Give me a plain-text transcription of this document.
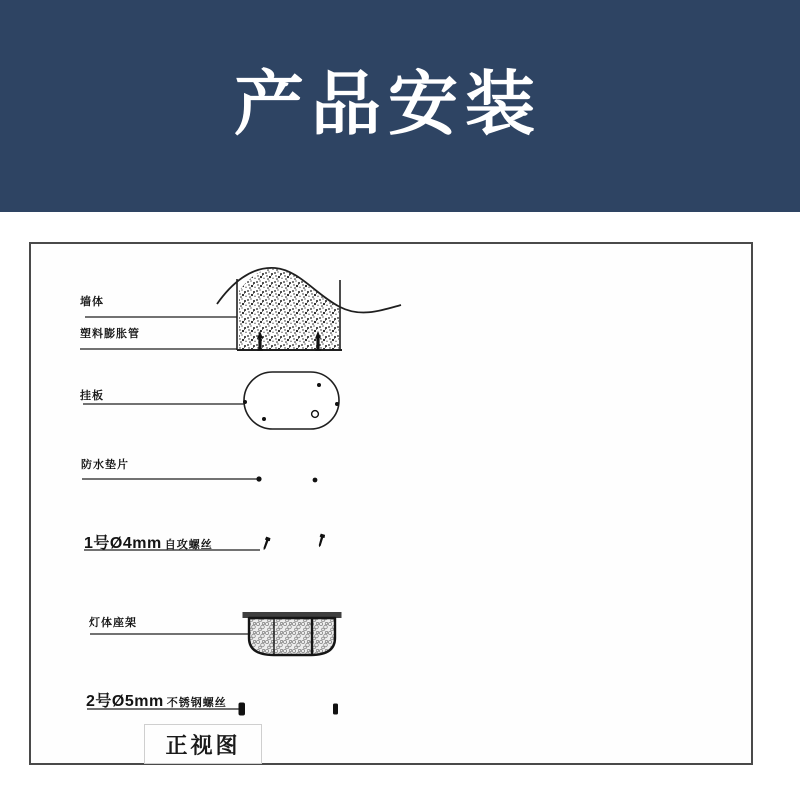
产品安装
墙体
塑料膨胀管
挂板
防水垫片
1号Ø4mm 自攻螺丝
灯体座架
2号Ø5mm 不锈钢螺丝
正视图
